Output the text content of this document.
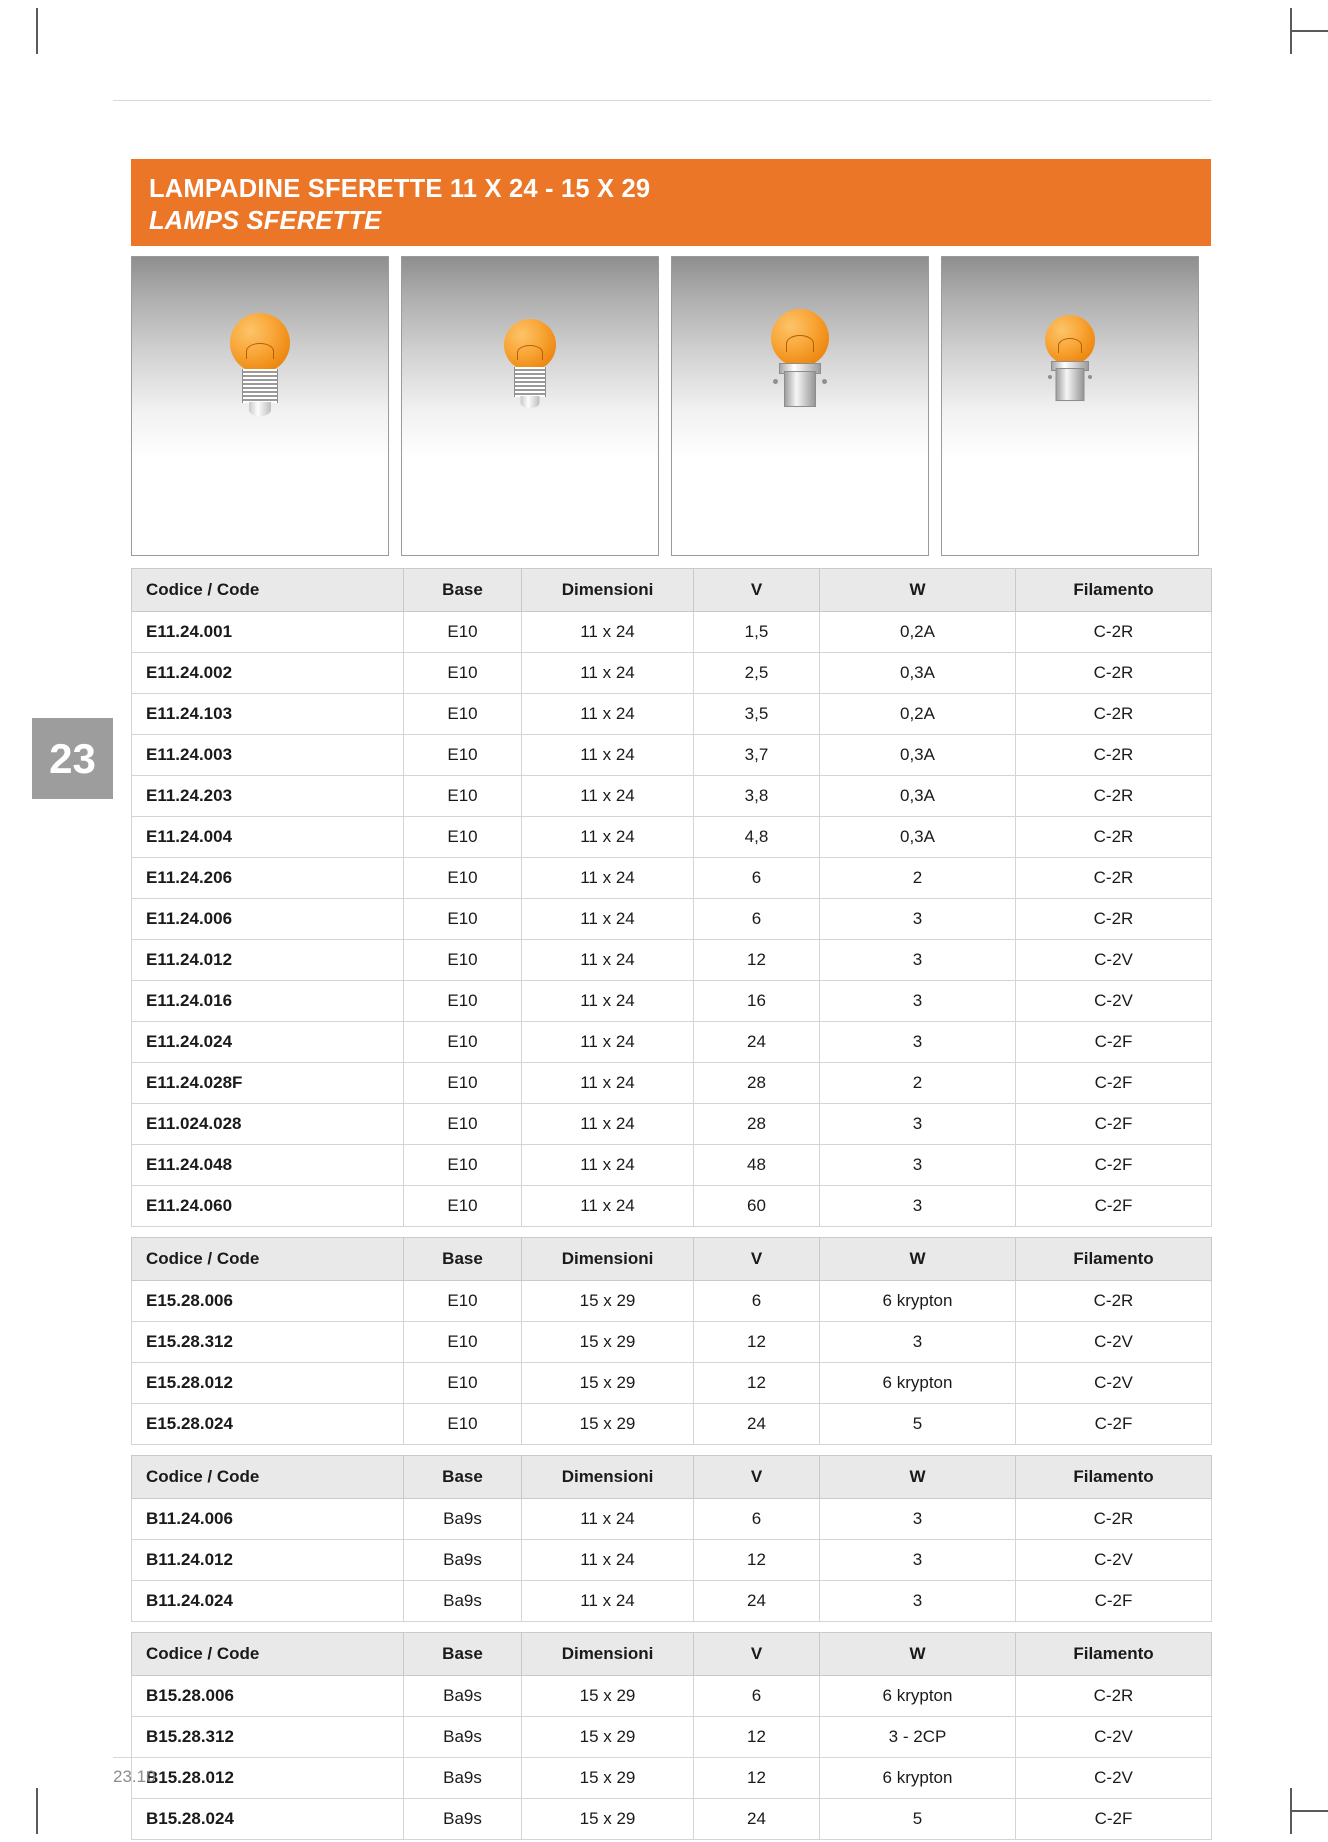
23
LAMPADINE SFERETTE 11 X 24 - 15 X 29
LAMPS SFERETTE
Codice / Code	Base	Dimensioni	V	W	Filamento
E11.24.001	E10	11 x 24	1,5	0,2A	C-2R
E11.24.002	E10	11 x 24	2,5	0,3A	C-2R
E11.24.103	E10	11 x 24	3,5	0,2A	C-2R
E11.24.003	E10	11 x 24	3,7	0,3A	C-2R
E11.24.203	E10	11 x 24	3,8	0,3A	C-2R
E11.24.004	E10	11 x 24	4,8	0,3A	C-2R
E11.24.206	E10	11 x 24	6	2	C-2R
E11.24.006	E10	11 x 24	6	3	C-2R
E11.24.012	E10	11 x 24	12	3	C-2V
E11.24.016	E10	11 x 24	16	3	C-2V
E11.24.024	E10	11 x 24	24	3	C-2F
E11.24.028F	E10	11 x 24	28	2	C-2F
E11.024.028	E10	11 x 24	28	3	C-2F
E11.24.048	E10	11 x 24	48	3	C-2F
E11.24.060	E10	11 x 24	60	3	C-2F
Codice / Code	Base	Dimensioni	V	W	Filamento
E15.28.006	E10	15 x 29	6	6 krypton	C-2R
E15.28.312	E10	15 x 29	12	3	C-2V
E15.28.012	E10	15 x 29	12	6 krypton	C-2V
E15.28.024	E10	15 x 29	24	5	C-2F
Codice / Code	Base	Dimensioni	V	W	Filamento
B11.24.006	Ba9s	11 x 24	6	3	C-2R
B11.24.012	Ba9s	11 x 24	12	3	C-2V
B11.24.024	Ba9s	11 x 24	24	3	C-2F
Codice / Code	Base	Dimensioni	V	W	Filamento
B15.28.006	Ba9s	15 x 29	6	6 krypton	C-2R
B15.28.312	Ba9s	15 x 29	12	3 - 2CP	C-2V
B15.28.012	Ba9s	15 x 29	12	6 krypton	C-2V
B15.28.024	Ba9s	15 x 29	24	5	C-2F
23.10
